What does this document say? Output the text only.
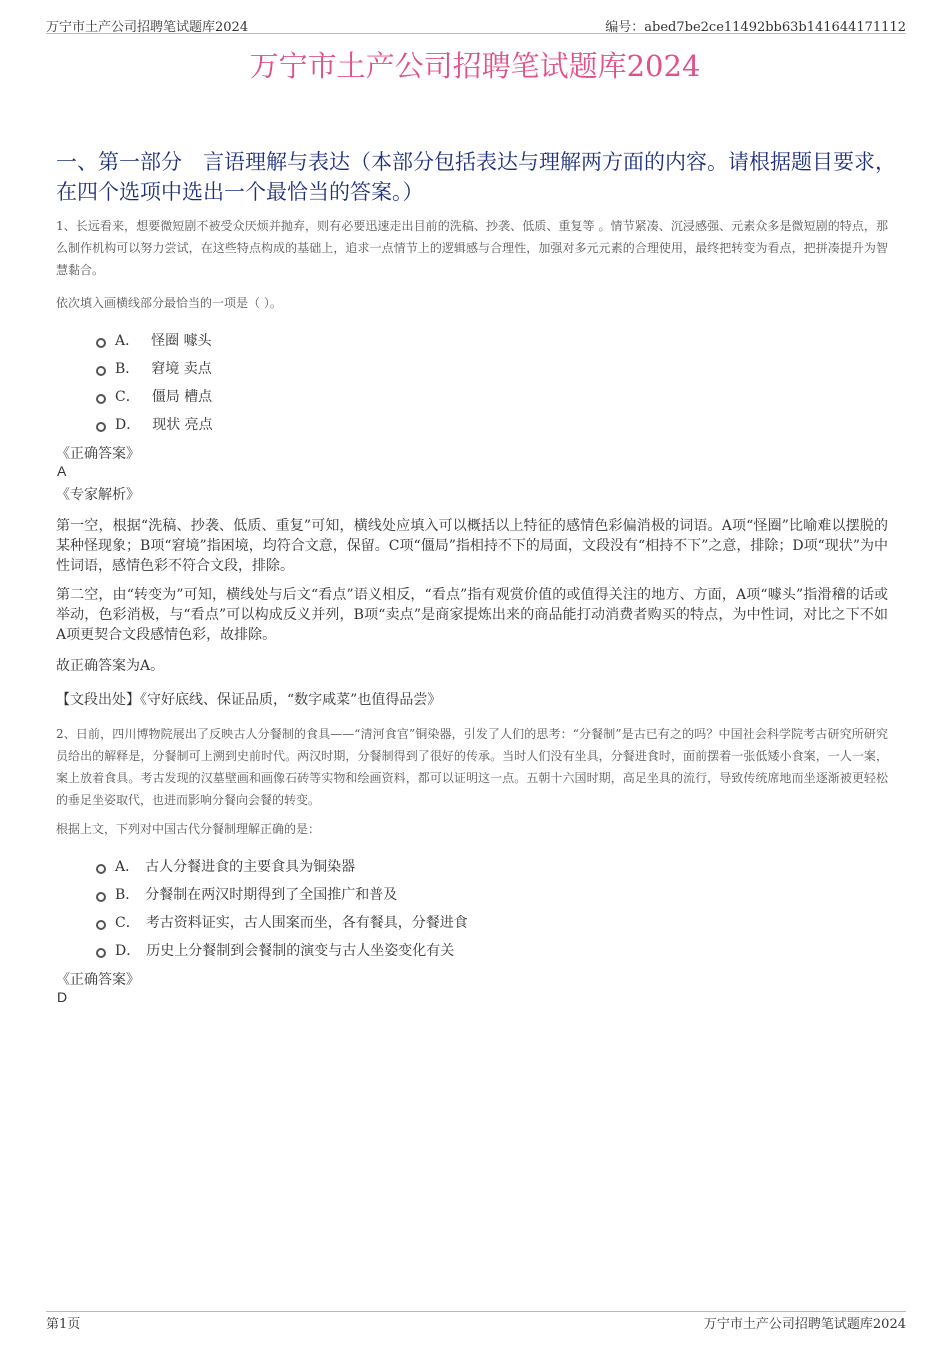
万宁市土产公司招聘笔试题库2024	编号：abed7be2ce11492bb63b141644171112
万宁市土产公司招聘笔试题库2024
一、第一部分　言语理解与表达（本部分包括表达与理解两方面的内容。请根据题目要求，在四个选项中选出一个最恰当的答案。）
1、长远看来，想要微短剧不被受众厌烦并抛弃，则有必要迅速走出目前的洗稿、抄袭、低质、重复等 。情节紧凑、沉浸感强、元素众多是微短剧的特点，那么制作机构可以努力尝试，在这些特点构成的基础上，追求一点情节上的逻辑感与合理性，加强对多元元素的合理使用，最终把转变为看点，把拼凑提升为智慧黏合。
依次填入画横线部分最恰当的一项是（ ）。
A． 怪圈 噱头
B． 窘境 卖点
C． 僵局 槽点
D． 现状 亮点
《正确答案》
A
《专家解析》
第一空，根据“洗稿、抄袭、低质、重复”可知，横线处应填入可以概括以上特征的感情色彩偏消极的词语。A项“怪圈”比喻难以摆脱的某种怪现象；B项“窘境”指困境，均符合文意，保留。C项“僵局”指相持不下的局面，文段没有“相持不下”之意，排除；D项“现状”为中性词语，感情色彩不符合文段，排除。
第二空，由“转变为”可知，横线处与后文“看点”语义相反，“看点”指有观赏价值的或值得关注的地方、方面，A项“噱头”指滑稽的话或举动，色彩消极，与“看点”可以构成反义并列，B项“卖点”是商家提炼出来的商品能打动消费者购买的特点，为中性词，对比之下不如A项更契合文段感情色彩，故排除。
故正确答案为A。
【文段出处】《守好底线、保证品质，“数字咸菜”也值得品尝》
2、日前，四川博物院展出了反映古人分餐制的食具——“清河食官”铜染器，引发了人们的思考：“分餐制”是古已有之的吗？中国社会科学院考古研究所研究员给出的解释是，分餐制可上溯到史前时代。两汉时期，分餐制得到了很好的传承。当时人们没有坐具，分餐进食时，面前摆着一张低矮小食案，一人一案，案上放着食具。考古发现的汉墓壁画和画像石砖等实物和绘画资料，都可以证明这一点。五朝十六国时期，高足坐具的流行，导致传统席地而坐逐渐被更轻松的垂足坐姿取代，也进而影响分餐向会餐的转变。
根据上文，下列对中国古代分餐制理解正确的是：
A． 古人分餐进食的主要食具为铜染器
B． 分餐制在两汉时期得到了全国推广和普及
C． 考古资料证实，古人围案而坐，各有餐具，分餐进食
D． 历史上分餐制到会餐制的演变与古人坐姿变化有关
《正确答案》
D
第1页	万宁市土产公司招聘笔试题库2024
